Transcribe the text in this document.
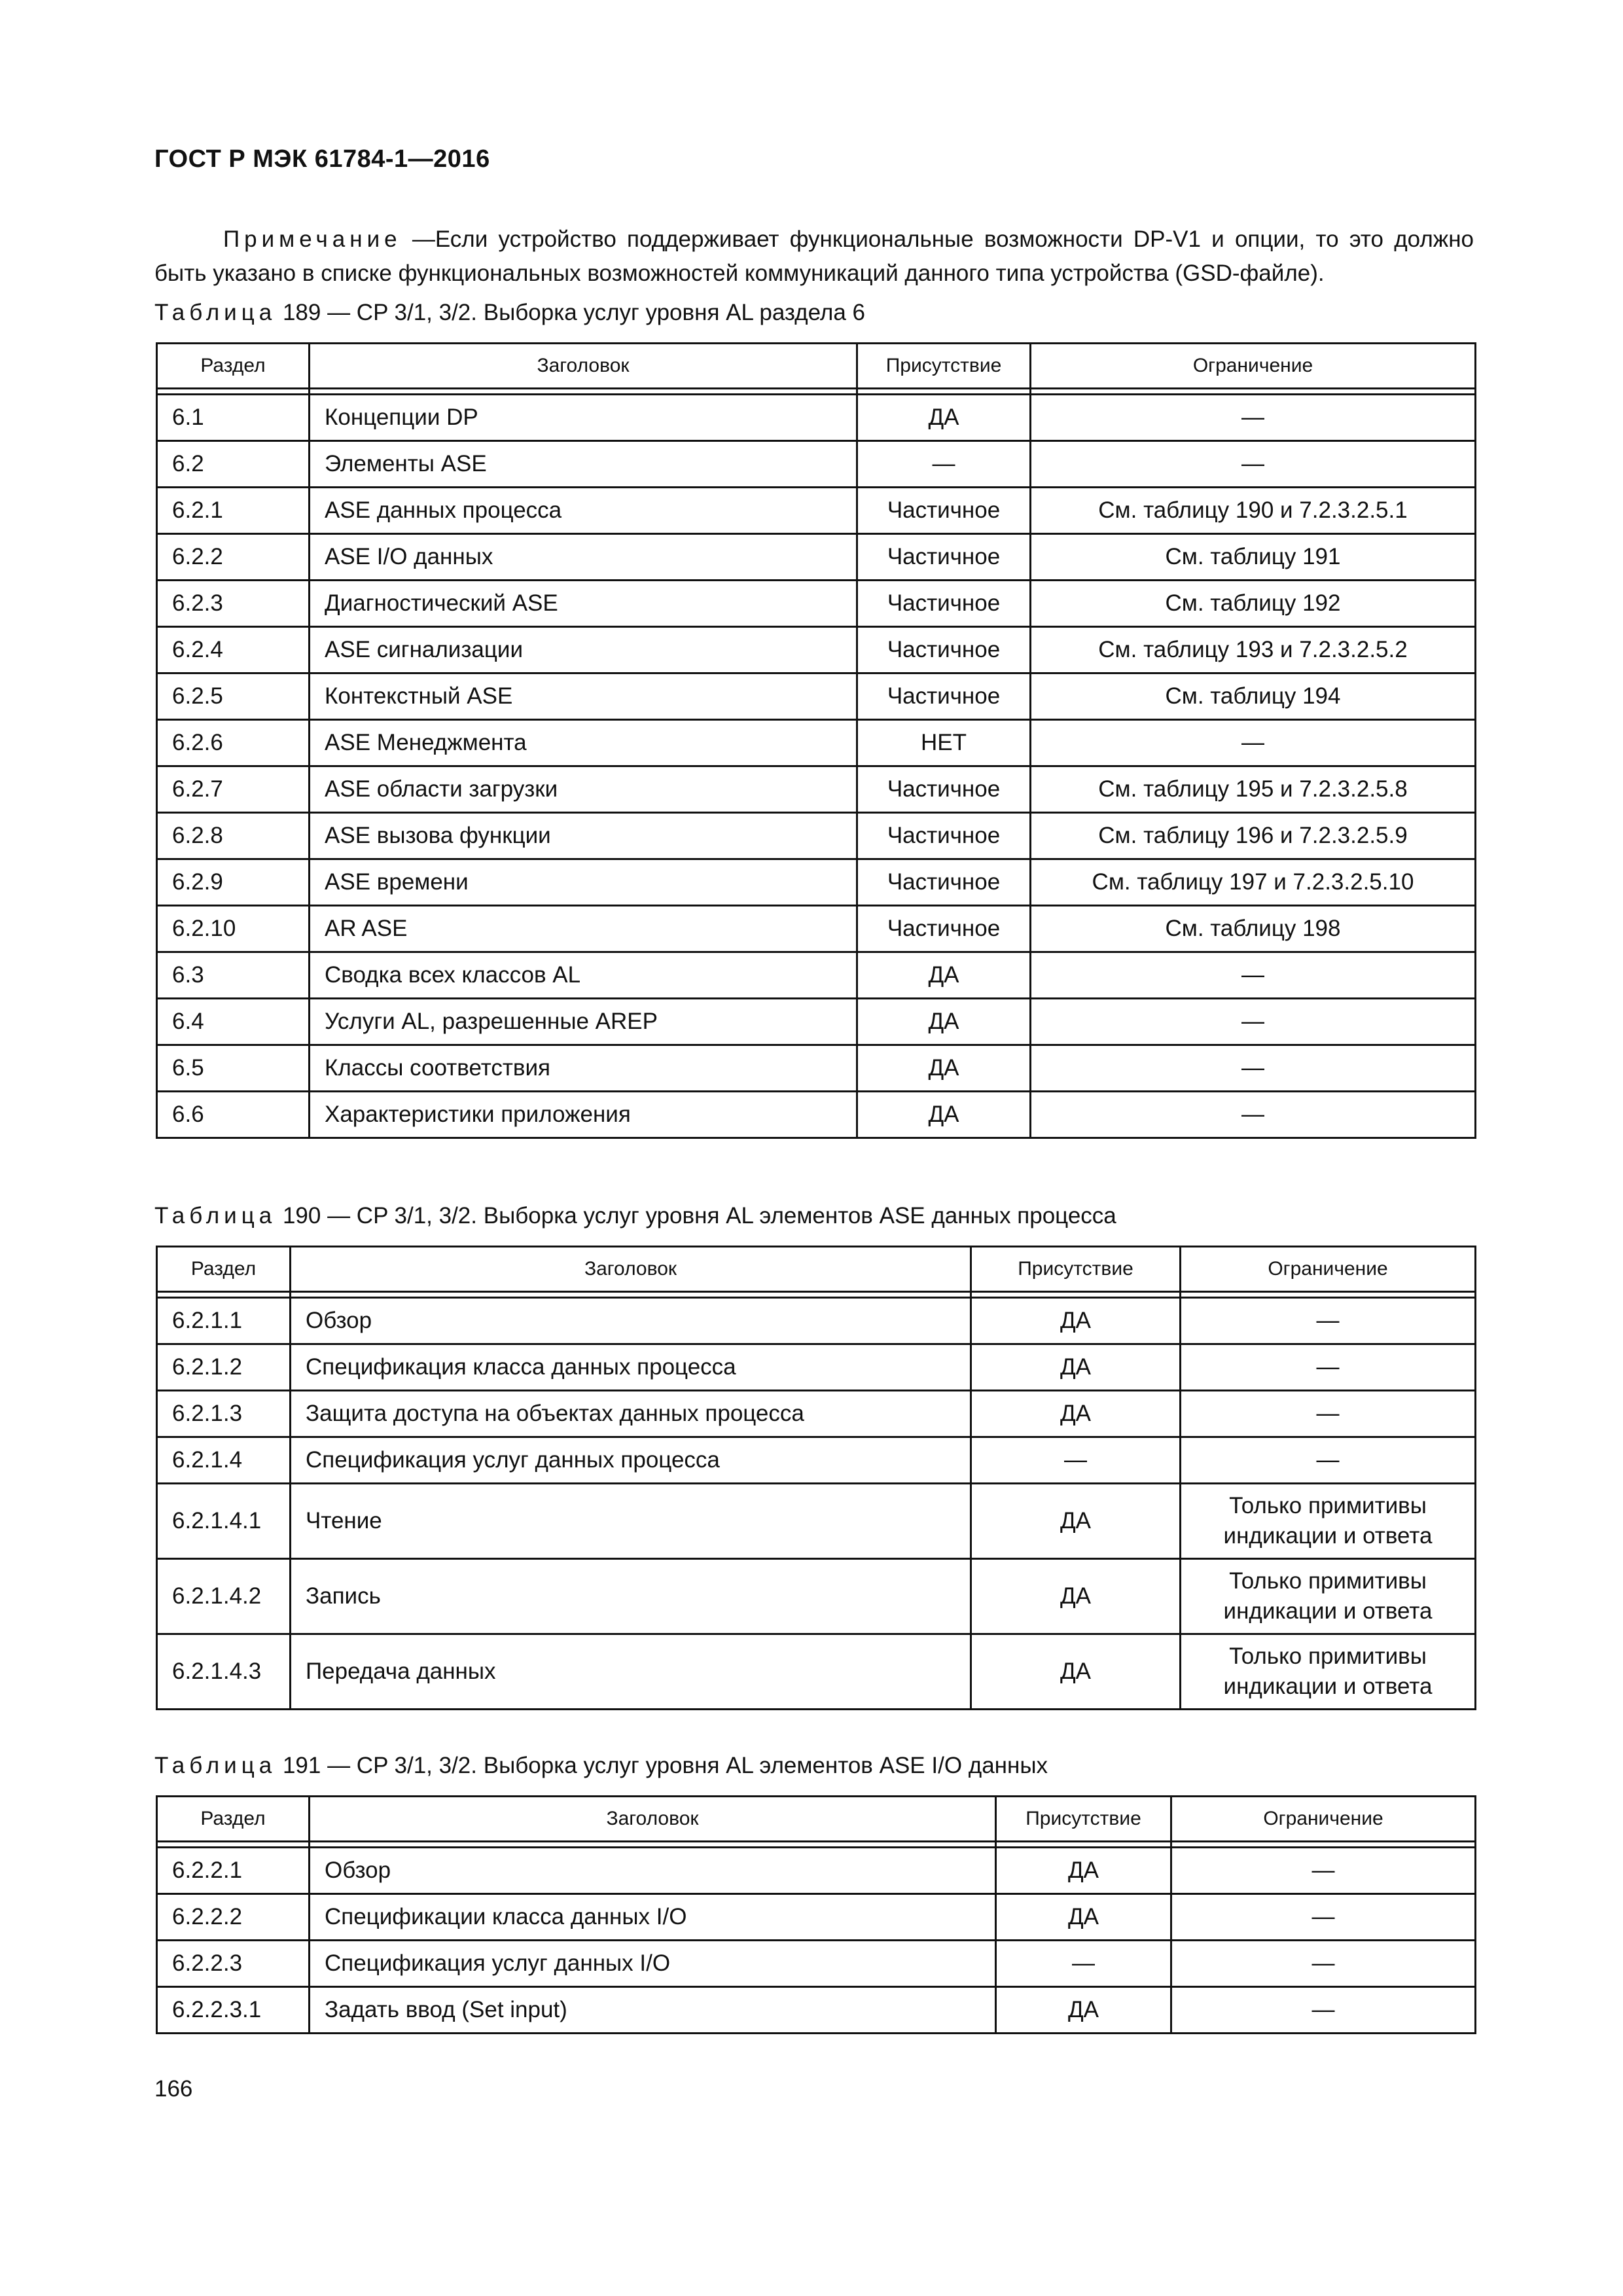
ГОСТ Р МЭК 61784-1—2016

Примечание —Если устройство поддерживает функциональные возможности DP-V1 и опции, то это должно быть указано в списке функциональных возможностей коммуникаций данного типа устройства (GSD-файле).

Таблица 189 — CP 3/1, 3/2. Выборка услуг уровня AL раздела 6

Раздел	Заголовок	Присутствие	Ограничение

6.1	Концепции DP	ДА	—
6.2	Элементы ASE	—	—
6.2.1	ASE данных процесса	Частичное	См. таблицу 190 и 7.2.3.2.5.1
6.2.2	ASE I/O данных	Частичное	См. таблицу 191
6.2.3	Диагностический ASE	Частичное	См. таблицу 192
6.2.4	ASE сигнализации	Частичное	См. таблицу 193 и 7.2.3.2.5.2
6.2.5	Контекстный ASE	Частичное	См. таблицу 194
6.2.6	ASE Менеджмента	НЕТ	—
6.2.7	ASE области загрузки	Частичное	См. таблицу 195 и 7.2.3.2.5.8
6.2.8	ASE вызова функции	Частичное	См. таблицу 196 и 7.2.3.2.5.9
6.2.9	ASE времени	Частичное	См. таблицу 197 и 7.2.3.2.5.10
6.2.10	AR ASE	Частичное	См. таблицу 198
6.3	Сводка всех классов AL	ДА	—
6.4	Услуги AL, разрешенные AREP	ДА	—
6.5	Классы соответствия	ДА	—
6.6	Характеристики приложения	ДА	—

Таблица 190 — CP 3/1, 3/2. Выборка услуг уровня AL элементов ASE данных процесса

Раздел	Заголовок	Присутствие	Ограничение

6.2.1.1	Обзор	ДА	—
6.2.1.2	Спецификация класса данных процесса	ДА	—
6.2.1.3	Защита доступа на объектах данных процесса	ДА	—
6.2.1.4	Спецификация услуг данных процесса	—	—
6.2.1.4.1	Чтение	ДА	Только примитивы индикации и ответа
6.2.1.4.2	Запись	ДА	Только примитивы индикации и ответа
6.2.1.4.3	Передача данных	ДА	Только примитивы индикации и ответа

Таблица 191 — CP 3/1, 3/2. Выборка услуг уровня AL элементов ASE I/O данных

Раздел	Заголовок	Присутствие	Ограничение

6.2.2.1	Обзор	ДА	—
6.2.2.2	Спецификации класса данных I/O	ДА	—
6.2.2.3	Спецификация услуг данных I/O	—	—
6.2.2.3.1	Задать ввод (Set input)	ДА	—

166
